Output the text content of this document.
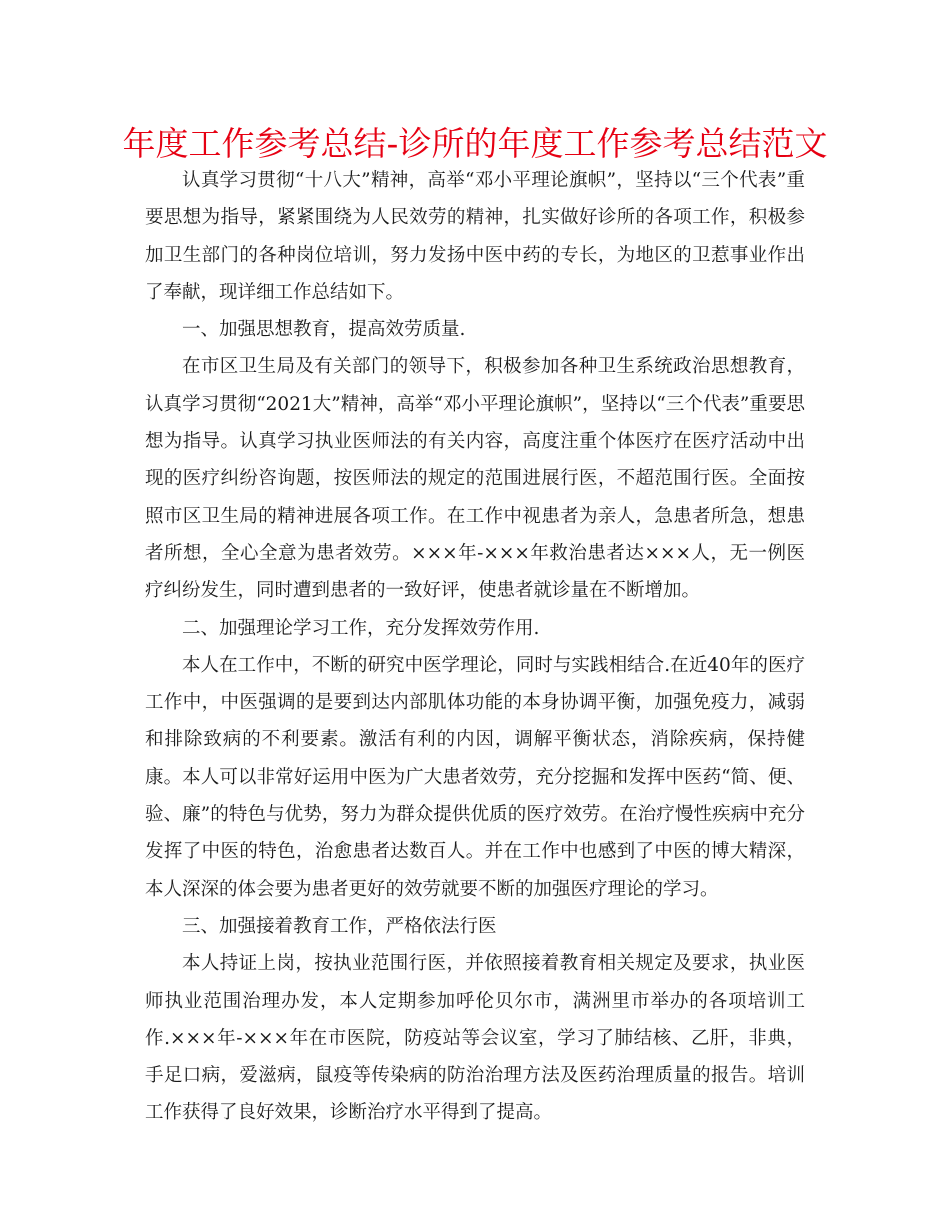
年度工作参考总结-诊所的年度工作参考总结范文

认真学习贯彻“十八大”精神，高举“邓小平理论旗帜”，坚持以“三个代表”重要思想为指导，紧紧围绕为人民效劳的精神，扎实做好诊所的各项工作，积极参加卫生部门的各种岗位培训，努力发扬中医中药的专长，为地区的卫惹事业作出了奉献，现详细工作总结如下。

一、加强思想教育，提高效劳质量.

在市区卫生局及有关部门的领导下，积极参加各种卫生系统政治思想教育，认真学习贯彻“2021大”精神，高举“邓小平理论旗帜”，坚持以“三个代表”重要思想为指导。认真学习执业医师法的有关内容，高度注重个体医疗在医疗活动中出现的医疗纠纷咨询题，按医师法的规定的范围进展行医，不超范围行医。全面按照市区卫生局的精神进展各项工作。在工作中视患者为亲人，急患者所急，想患者所想，全心全意为患者效劳。×××年-×××年救治患者达×××人，无一例医疗纠纷发生，同时遭到患者的一致好评，使患者就诊量在不断增加。

二、加强理论学习工作，充分发挥效劳作用.

本人在工作中，不断的研究中医学理论，同时与实践相结合.在近40年的医疗工作中，中医强调的是要到达内部肌体功能的本身协调平衡，加强免疫力，减弱和排除致病的不利要素。激活有利的内因，调解平衡状态，消除疾病，保持健康。本人可以非常好运用中医为广大患者效劳，充分挖掘和发挥中医药“简、便、验、廉”的特色与优势，努力为群众提供优质的医疗效劳。在治疗慢性疾病中充分发挥了中医的特色，治愈患者达数百人。并在工作中也感到了中医的博大精深，本人深深的体会要为患者更好的效劳就要不断的加强医疗理论的学习。

三、加强接着教育工作，严格依法行医

本人持证上岗，按执业范围行医，并依照接着教育相关规定及要求，执业医师执业范围治理办发，本人定期参加呼伦贝尔市，满洲里市举办的各项培训工作.×××年-×××年在市医院，防疫站等会议室，学习了肺结核、乙肝，非典，手足口病，爱滋病，鼠疫等传染病的防治治理方法及医药治理质量的报告。培训工作获得了良好效果，诊断治疗水平得到了提高。
